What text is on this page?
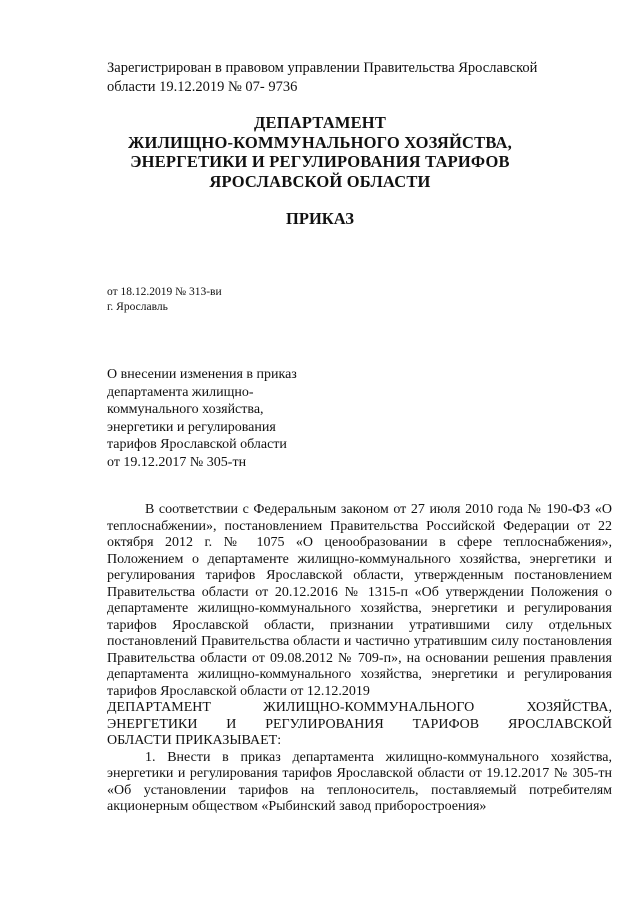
Зарегистрирован в правовом управлении Правительства Ярославской
области 19.12.2019 № 07- 9736
ДЕПАРТАМЕНТ
ЖИЛИЩНО-КОММУНАЛЬНОГО ХОЗЯЙСТВА,
ЭНЕРГЕТИКИ И РЕГУЛИРОВАНИЯ ТАРИФОВ
ЯРОСЛАВСКОЙ ОБЛАСТИ
ПРИКАЗ
от 18.12.2019 № 313-ви
г. Ярославль
О внесении изменения в приказ
департамента жилищно-
коммунального хозяйства,
энергетики и регулирования
тарифов Ярославской области
от 19.12.2017 № 305-тн

В соответствии с Федеральным законом от 27 июля 2010 года № 190-ФЗ «О теплоснабжении», постановлением Правительства Российской Федерации от 22 октября 2012 г. № 1075 «О ценообразовании в сфере теплоснабжения», Положением о департаменте жилищно-коммунального хозяйства, энергетики и регулирования тарифов Ярославской области, утвержденным постановлением Правительства области от 20.12.2016 № 1315-п «Об утверждении Положения о департаменте жилищно-коммунального хозяйства, энергетики и регулирования тарифов Ярославской области, признании утратившими силу отдельных постановлений Правительства области и частично утратившим силу постановления Правительства области от 09.08.2012 № 709-п», на основании решения правления департамента жилищно-коммунального хозяйства, энергетики и регулирования тарифов Ярославской области от 12.12.2019

ДЕПАРТАМЕНТ ЖИЛИЩНО-КОММУНАЛЬНОГО ХОЗЯЙСТВА,
ЭНЕРГЕТИКИ И РЕГУЛИРОВАНИЯ ТАРИФОВ ЯРОСЛАВСКОЙ
ОБЛАСТИ ПРИКАЗЫВАЕТ:

1. Внести в приказ департамента жилищно-коммунального хозяйства, энергетики и регулирования тарифов Ярославской области от 19.12.2017 № 305-тн «Об установлении тарифов на теплоноситель, поставляемый потребителям акционерным обществом «Рыбинский завод приборостроения»
